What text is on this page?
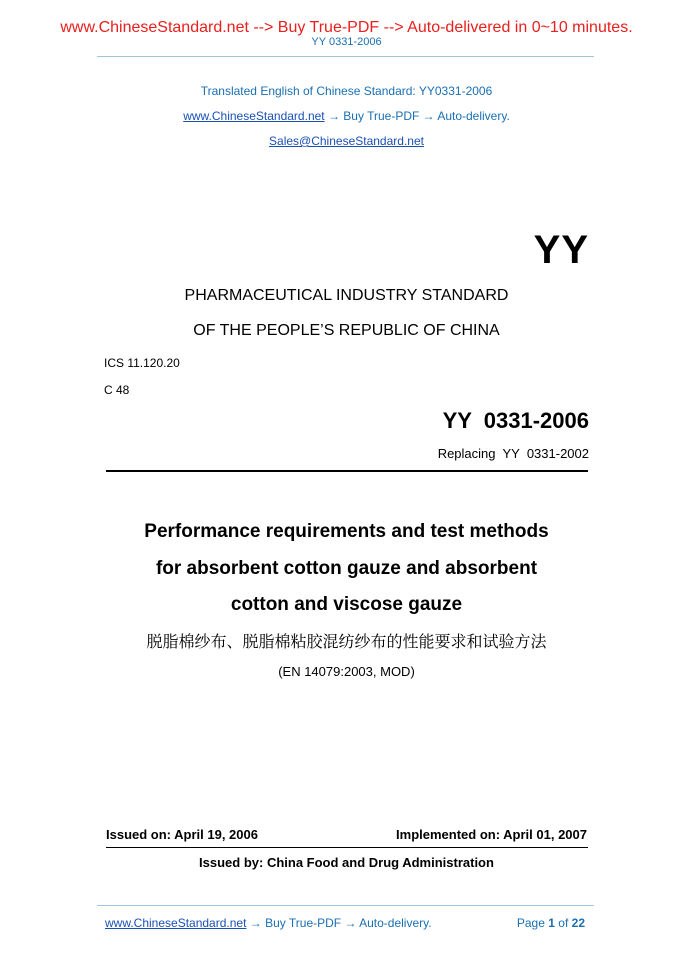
www.ChineseStandard.net --> Buy True-PDF --> Auto-delivered in 0~10 minutes.
YY 0331-2006
Translated English of Chinese Standard: YY0331-2006
www.ChineseStandard.net → Buy True-PDF → Auto-delivery.
Sales@ChineseStandard.net
YY
PHARMACEUTICAL INDUSTRY STANDARD
OF THE PEOPLE’S REPUBLIC OF CHINA
ICS 11.120.20
C 48
YY  0331-2006
Replacing  YY  0331-2002
Performance requirements and test methods
for absorbent cotton gauze and absorbent
cotton and viscose gauze
脱脂棉纱布、脱脂棉粘胶混纺纱布的性能要求和试验方法
(EN 14079:2003, MOD)
Issued on: April 19, 2006	Implemented on: April 01, 2007
Issued by: China Food and Drug Administration
www.ChineseStandard.net → Buy True-PDF → Auto-delivery.	Page 1 of 22
